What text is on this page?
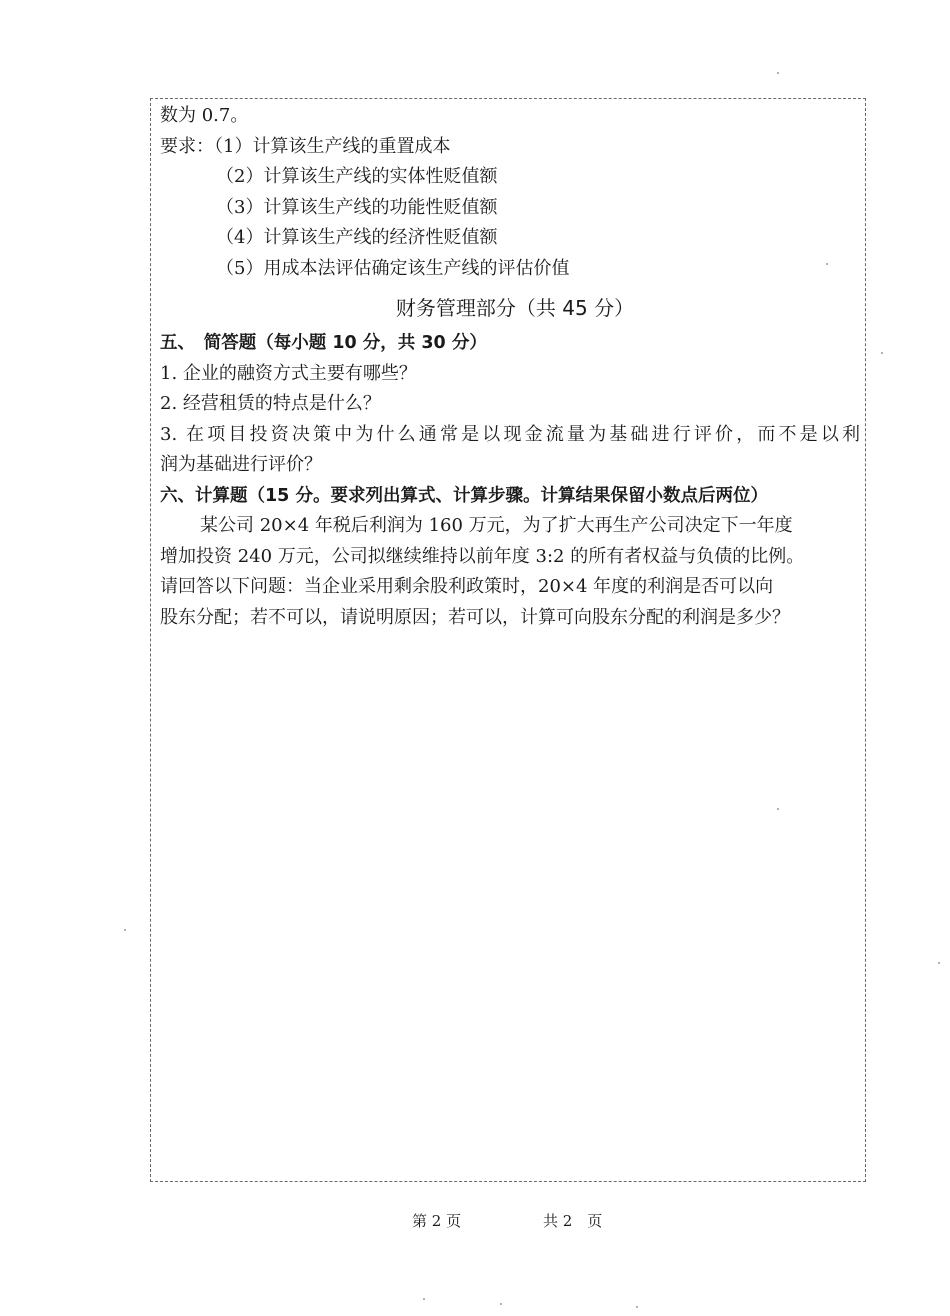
数为 0.7。
要求：（1）计算该生产线的重置成本
（2）计算该生产线的实体性贬值额
（3）计算该生产线的功能性贬值额
（4）计算该生产线的经济性贬值额
（5）用成本法评估确定该生产线的评估价值
财务管理部分（共 45 分）
五、　简答题（每小题 10 分，共 30 分）
1. 企业的融资方式主要有哪些？
2. 经营租赁的特点是什么？
3. 在项目投资决策中为什么通常是以现金流量为基础进行评价，而不是以利
润为基础进行评价？
六、计算题（15 分。要求列出算式、计算步骤。计算结果保留小数点后两位）
某公司 20×4 年税后利润为 160 万元，为了扩大再生产公司决定下一年度
增加投资 240 万元，公司拟继续维持以前年度 3:2 的所有者权益与负债的比例。
请回答以下问题：当企业采用剩余股利政策时，20×4 年度的利润是否可以向
股东分配；若不可以，请说明原因；若可以，计算可向股东分配的利润是多少？
第 2 页	共 2　页
